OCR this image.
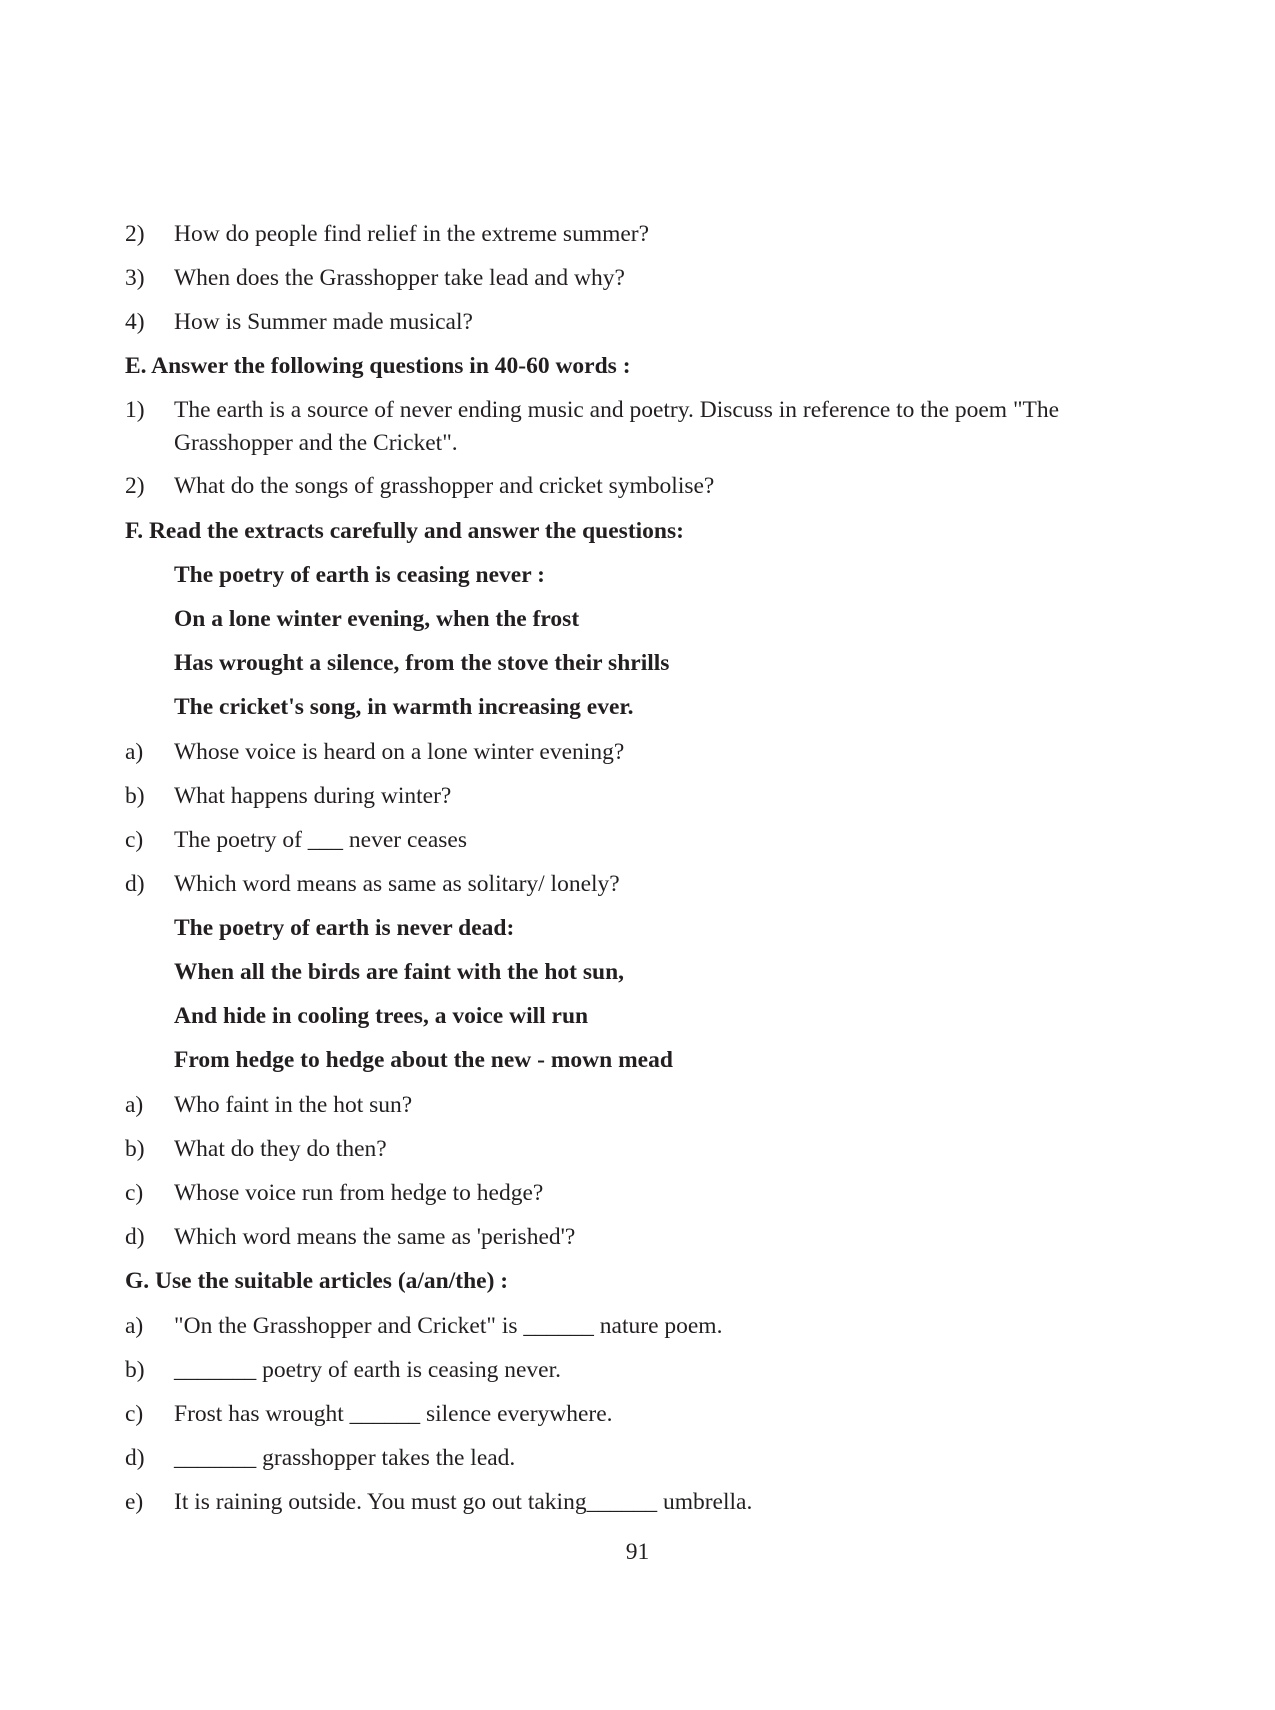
2) How do people find relief in the extreme summer?
3) When does the Grasshopper take lead and why?
4) How is Summer made musical?
E. Answer the following questions in 40-60 words :
1) The earth is a source of never ending music and poetry. Discuss in reference to the poem "The Grasshopper and the Cricket".
2) What do the songs of grasshopper and cricket symbolise?
F. Read the extracts carefully and answer the questions:
The poetry of earth is ceasing never :
On a lone winter evening, when the frost
Has wrought a silence, from the stove their shrills
The cricket's song, in warmth increasing ever.
a) Whose voice is heard on a lone winter evening?
b) What happens during winter?
c) The poetry of ___ never ceases
d) Which word means as same as solitary/ lonely?
The poetry of earth is never dead:
When all the birds are faint with the hot sun,
And hide in cooling trees, a voice will run
From hedge to hedge about the new - mown mead
a) Who faint in the hot sun?
b) What do they do then?
c) Whose voice run from hedge to hedge?
d) Which word means the same as 'perished'?
G. Use the suitable articles (a/an/the) :
a) "On the Grasshopper and Cricket" is ______ nature poem.
b) _______ poetry of earth is ceasing never.
c) Frost has wrought ______ silence everywhere.
d) _______ grasshopper takes the lead.
e) It is raining outside. You must go out taking______ umbrella.
91
